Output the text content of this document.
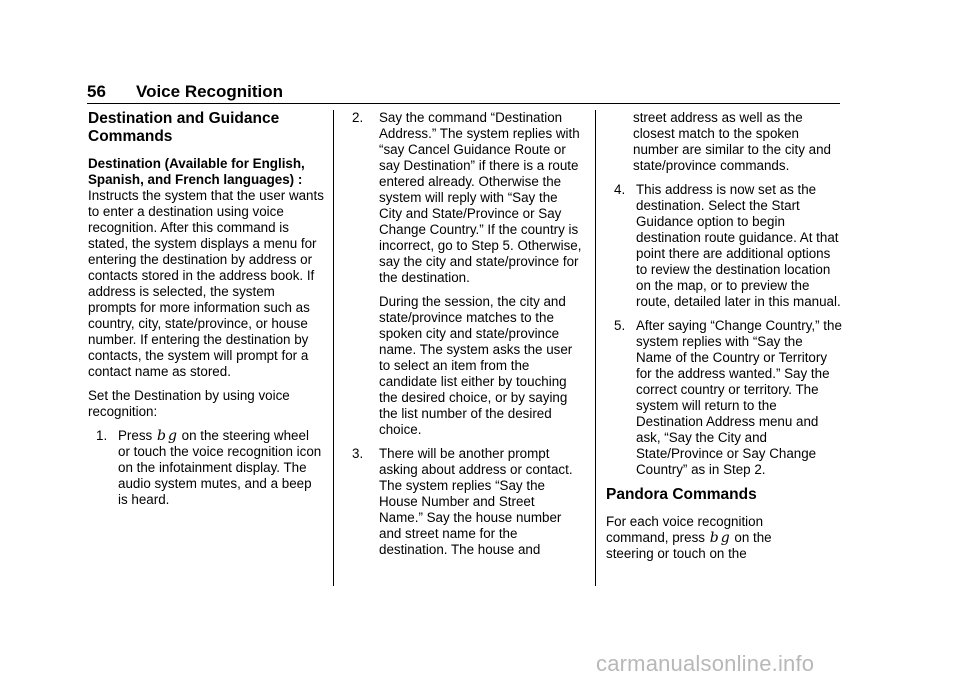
56 Voice Recognition
Destination and Guidance Commands

Destination (Available for English, Spanish, and French languages) : Instructs the system that the user wants to enter a destination using voice recognition. After this command is stated, the system displays a menu for entering the destination by address or contacts stored in the address book. If address is selected, the system prompts for more information such as country, city, state/province, or house number. If entering the destination by contacts, the system will prompt for a contact name as stored.

Set the Destination by using voice recognition:

1. Press b g on the steering wheel or touch the voice recognition icon on the infotainment display. The audio system mutes, and a beep is heard.
2. Say the command “Destination Address.” The system replies with “say Cancel Guidance Route or say Destination” if there is a route entered already. Otherwise the system will reply with “Say the City and State/Province or Say Change Country.” If the country is incorrect, go to Step 5. Otherwise, say the city and state/province for the destination.
During the session, the city and state/province matches to the spoken city and state/province name. The system asks the user to select an item from the candidate list either by touching the desired choice, or by saying the list number of the desired choice.
3. There will be another prompt asking about address or contact. The system replies “Say the House Number and Street Name.” Say the house number and street name for the destination. The house and
street address as well as the closest match to the spoken number are similar to the city and state/province commands.
4. This address is now set as the destination. Select the Start Guidance option to begin destination route guidance. At that point there are additional options to review the destination location on the map, or to preview the route, detailed later in this manual.
5. After saying “Change Country,” the system replies with “Say the Name of the Country or Territory for the address wanted.” Say the correct country or territory. The system will return to the Destination Address menu and ask, “Say the City and State/Province or Say Change Country” as in Step 2.
Pandora Commands

For each voice recognition
command, press b g on the
steering or touch on the

carmanualsonline.info
